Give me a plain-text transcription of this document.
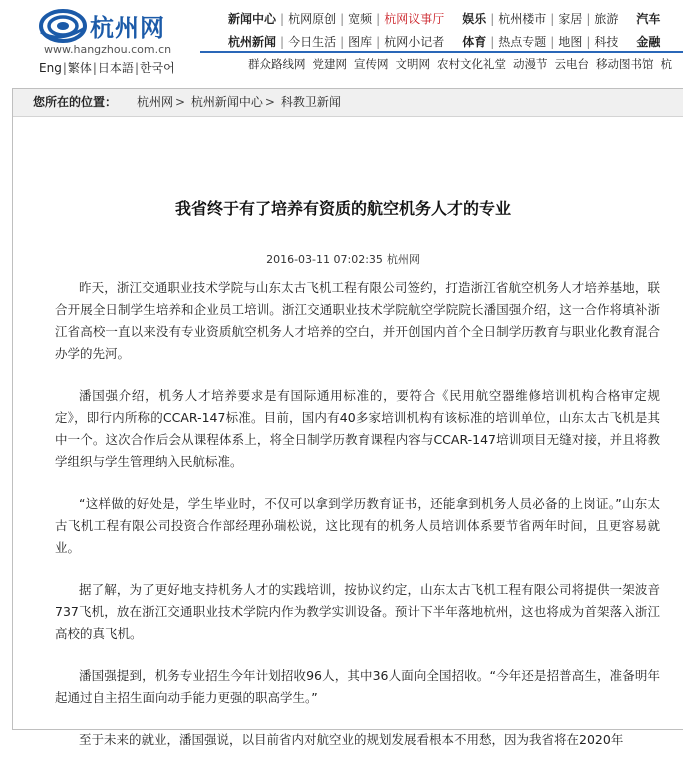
杭州网
www.hangzhou.com.cn
Eng|繁体|日本語|한국어
新闻中心 | 杭网原创 | 宽频 | 杭网议事厅 娱乐 | 杭州楼市 | 家居 | 旅游 汽车
杭州新闻 | 今日生活 | 图库 | 杭网小记者 体育 | 热点专题 | 地图 | 科技 金融
群众路线网 党建网 宣传网 文明网 农村文化礼堂 动漫节 云电台 移动图书馆 杭
您所在的位置： 杭州网 > 杭州新闻中心 > 科教卫新闻
我省终于有了培养有资质的航空机务人才的专业
2016-03-11 07:02:35 杭州网

昨天，浙江交通职业技术学院与山东太古飞机工程有限公司签约，打造浙江省航空机务人才培养基地，联合开展全日制学生培养和企业员工培训。浙江交通职业技术学院航空学院院长潘国强介绍，这一合作将填补浙江省高校一直以来没有专业资质航空机务人才培养的空白，并开创国内首个全日制学历教育与职业化教育混合办学的先河。

潘国强介绍，机务人才培养要求是有国际通用标准的，要符合《民用航空器维修培训机构合格审定规定》，即行内所称的CCAR-147标准。目前，国内有40多家培训机构有该标准的培训单位，山东太古飞机是其中一个。这次合作后会从课程体系上，将全日制学历教育课程内容与CCAR-147培训项目无缝对接，并且将教学组织与学生管理纳入民航标准。

“这样做的好处是，学生毕业时，不仅可以拿到学历教育证书，还能拿到机务人员必备的上岗证。”山东太古飞机工程有限公司投资合作部经理孙瑞松说，这比现有的机务人员培训体系要节省两年时间，且更容易就业。

据了解，为了更好地支持机务人才的实践培训，按协议约定，山东太古飞机工程有限公司将提供一架波音737飞机，放在浙江交通职业技术学院内作为教学实训设备。预计下半年落地杭州，这也将成为首架落入浙江高校的真飞机。

潘国强提到，机务专业招生今年计划招收96人，其中36人面向全国招收。“今年还是招普高生，准备明年起通过自主招生面向动手能力更强的职高学生。”

至于未来的就业，潘国强说，以目前省内对航空业的规划发展看根本不用愁，因为我省将在2020年
